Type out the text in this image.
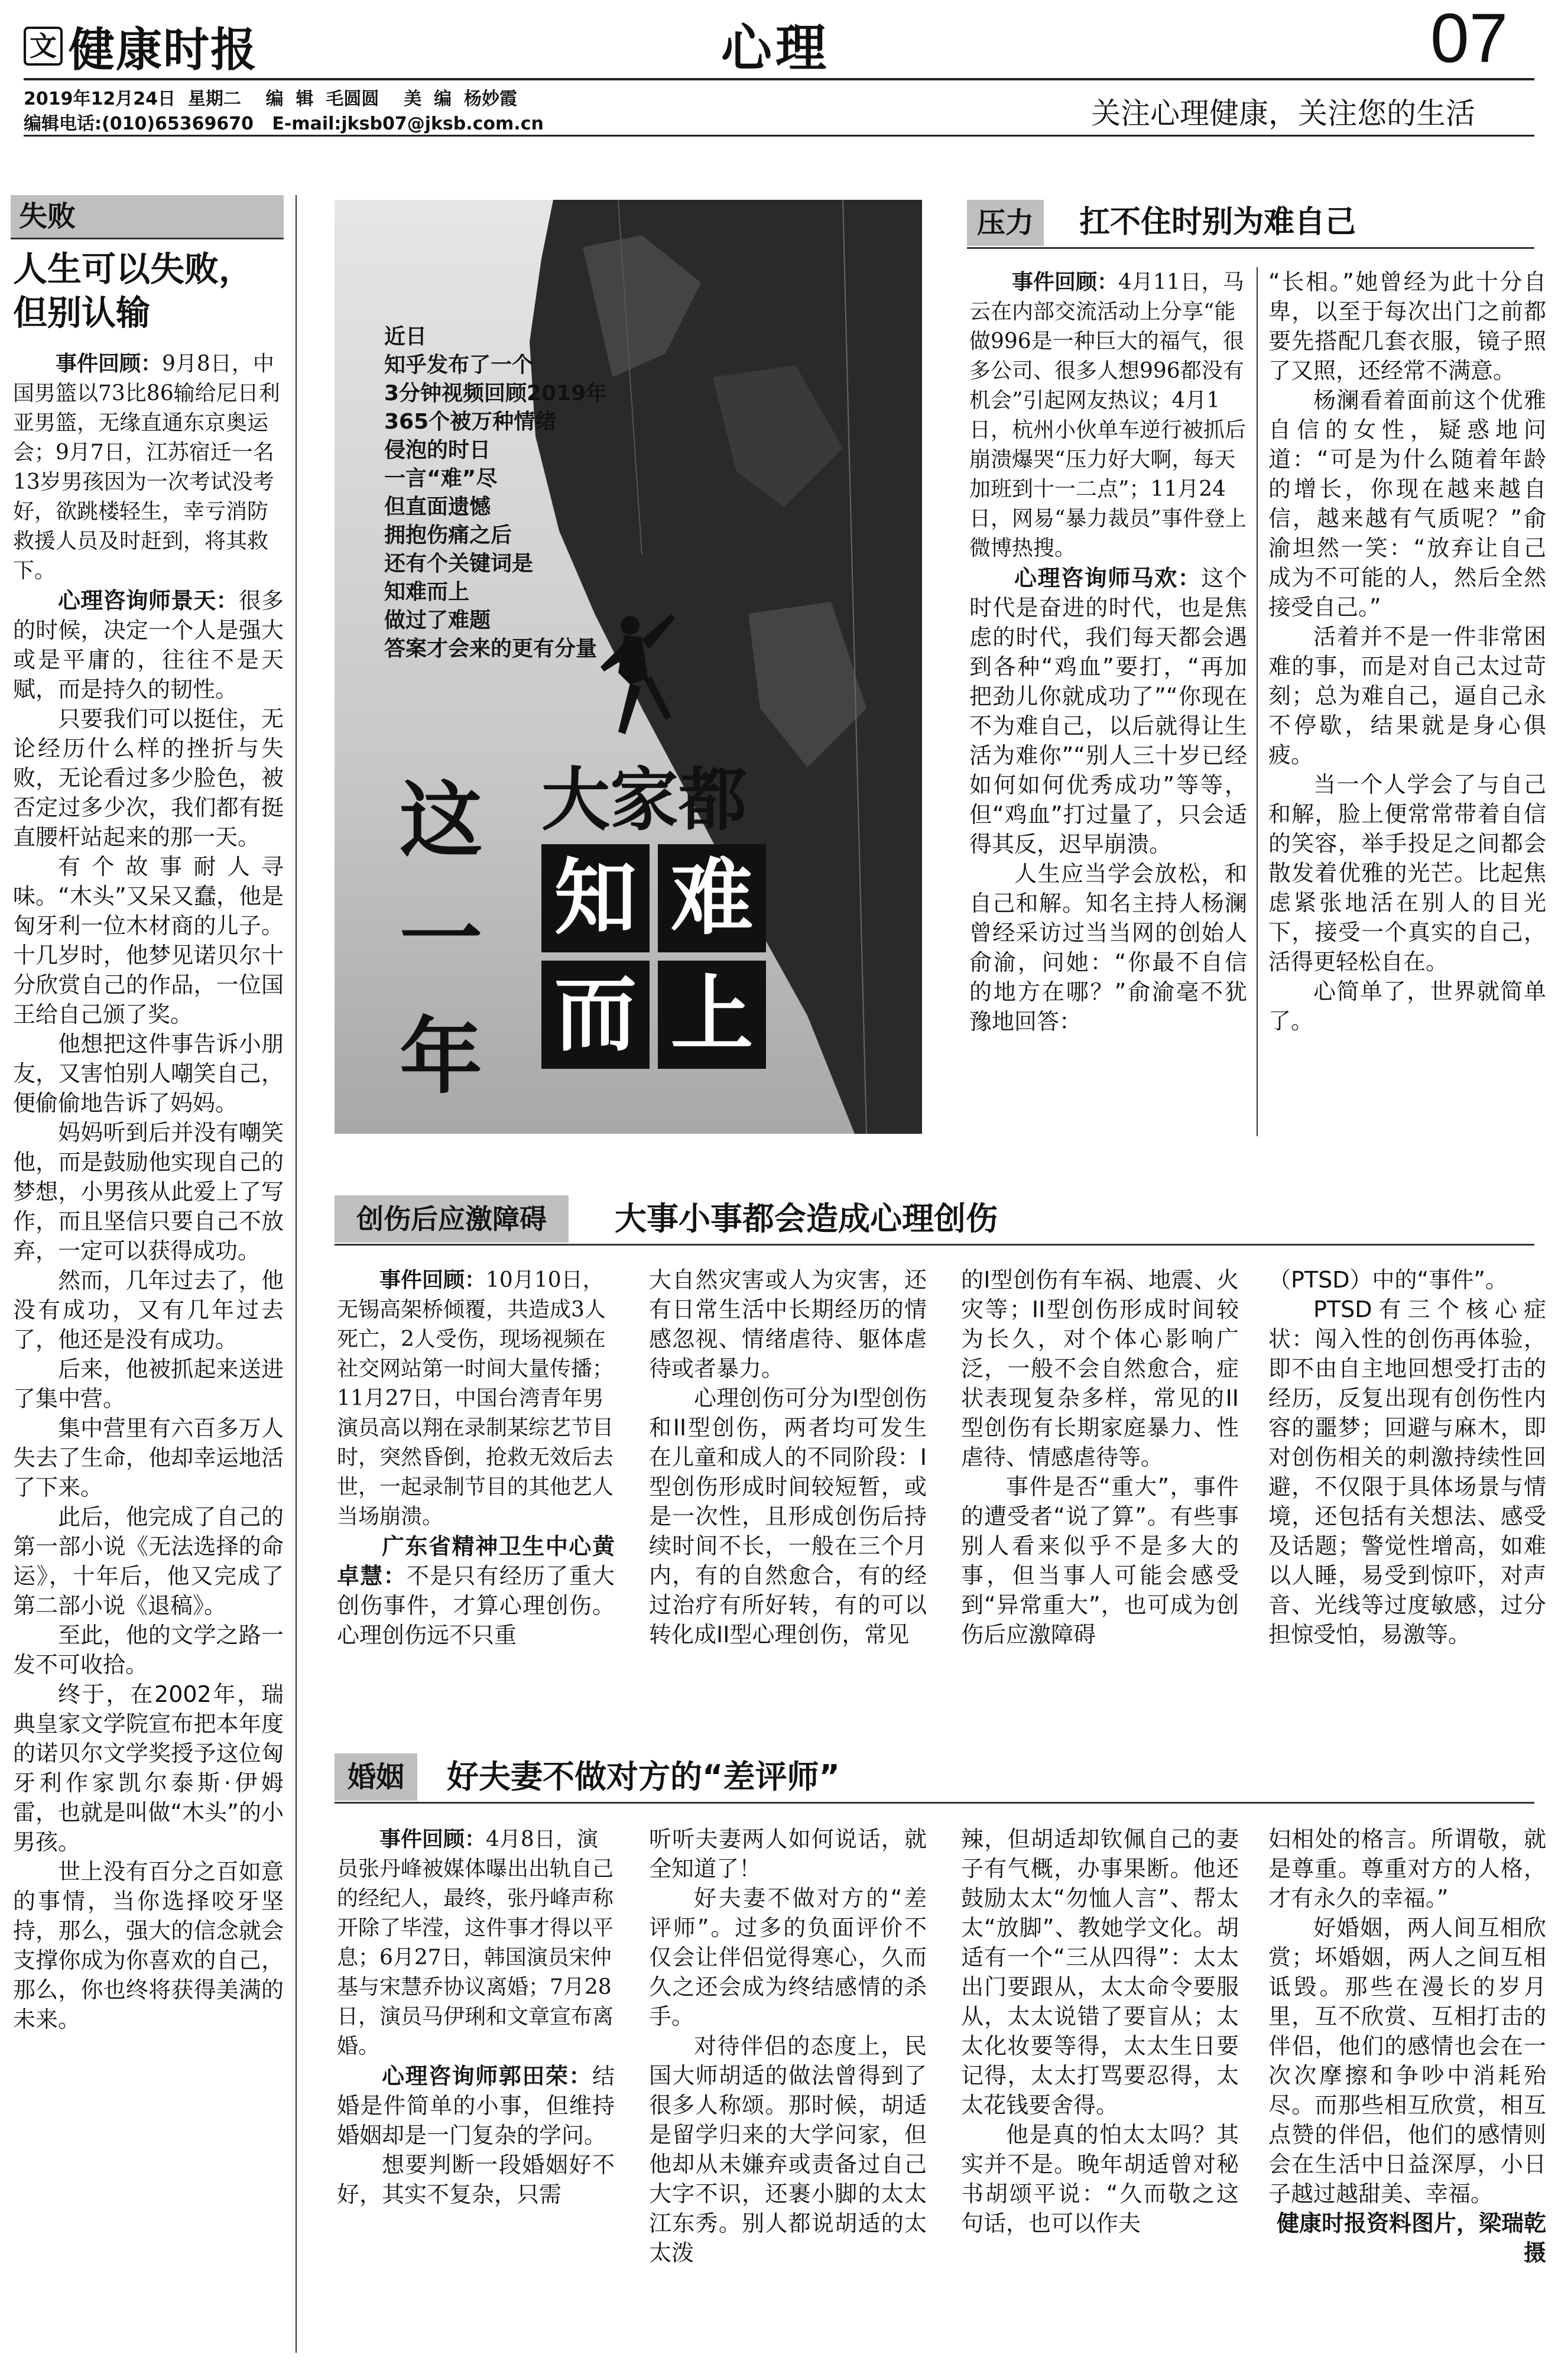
文 健康时报	心理	07
2019年12月24日  星期二    编  辑  毛圆圆    美  编  杨妙霞
编辑电话:(010)65369670   E-mail:jksb07@jksb.com.cn	关注心理健康，关注您的生活
失败
人生可以失败，
但别认输
事件回顾：9月8日，中国男篮以73比86输给尼日利亚男篮，无缘直通东京奥运会；9月7日，江苏宿迁一名13岁男孩因为一次考试没考好，欲跳楼轻生，幸亏消防救援人员及时赶到，将其救下。
心理咨询师景天：很多的时候，决定一个人是强大或是平庸的，往往不是天赋，而是持久的韧性。
只要我们可以挺住，无论经历什么样的挫折与失败，无论看过多少脸色，被否定过多少次，我们都有挺直腰杆站起来的那一天。
有个故事耐人寻味。“木头”又呆又蠢，他是匈牙利一位木材商的儿子。十几岁时，他梦见诺贝尔十分欣赏自己的作品，一位国王给自己颁了奖。
他想把这件事告诉小朋友，又害怕别人嘲笑自己，便偷偷地告诉了妈妈。
妈妈听到后并没有嘲笑他，而是鼓励他实现自己的梦想，小男孩从此爱上了写作，而且坚信只要自己不放弃，一定可以获得成功。
然而，几年过去了，他没有成功，又有几年过去了，他还是没有成功。
后来，他被抓起来送进了集中营。
集中营里有六百多万人失去了生命，他却幸运地活了下来。
此后，他完成了自己的第一部小说《无法选择的命运》，十年后，他又完成了第二部小说《退稿》。
至此，他的文学之路一发不可收拾。
终于，在2002年，瑞典皇家文学院宣布把本年度的诺贝尔文学奖授予这位匈牙利作家凯尔泰斯·伊姆雷，也就是叫做“木头”的小男孩。
世上没有百分之百如意的事情，当你选择咬牙坚持，那么，强大的信念就会支撑你成为你喜欢的自己，那么，你也终将获得美满的未来。
近日
知乎发布了一个
3分钟视频回顾2019年
365个被万种情绪
侵泡的时日
一言“难”尽
但直面遗憾
拥抱伤痛之后
还有个关键词是
知难而上
做过了难题
答案才会来的更有分量
这
一
年
大家都
知 难
而 上
压力	扛不住时别为难自己
事件回顾：4月11日，马云在内部交流活动上分享“能做996是一种巨大的福气，很多公司、很多人想996都没有机会”引起网友热议；4月1日，杭州小伙单车逆行被抓后崩溃爆哭“压力好大啊，每天加班到十一二点”；11月24日，网易“暴力裁员”事件登上微博热搜。
心理咨询师马欢：这个时代是奋进的时代，也是焦虑的时代，我们每天都会遇到各种“鸡血”要打，“再加把劲儿你就成功了”“你现在不为难自己，以后就得让生活为难你”“别人三十岁已经如何如何优秀成功”等等，但“鸡血”打过量了，只会适得其反，迟早崩溃。
人生应当学会放松，和自己和解。知名主持人杨澜曾经采访过当当网的创始人俞渝，问她：“你最不自信的地方在哪？”俞渝毫不犹豫地回答：
“长相。”她曾经为此十分自卑，以至于每次出门之前都要先搭配几套衣服，镜子照了又照，还经常不满意。
杨澜看着面前这个优雅自信的女性，疑惑地问道：“可是为什么随着年龄的增长，你现在越来越自信，越来越有气质呢？”俞渝坦然一笑：“放弃让自己成为不可能的人，然后全然接受自己。”
活着并不是一件非常困难的事，而是对自己太过苛刻；总为难自己，逼自己永不停歇，结果就是身心俱疲。
当一个人学会了与自己和解，脸上便常常带着自信的笑容，举手投足之间都会散发着优雅的光芒。比起焦虑紧张地活在别人的目光下，接受一个真实的自己，活得更轻松自在。
心简单了，世界就简单了。
创伤后应激障碍	大事小事都会造成心理创伤
事件回顾：10月10日，无锡高架桥倾覆，共造成3人死亡，2人受伤，现场视频在社交网站第一时间大量传播；11月27日，中国台湾青年男演员高以翔在录制某综艺节目时，突然昏倒，抢救无效后去世，一起录制节目的其他艺人当场崩溃。
广东省精神卫生中心黄卓慧：不是只有经历了重大创伤事件，才算心理创伤。心理创伤远不只重
大自然灾害或人为灾害，还有日常生活中长期经历的情感忽视、情绪虐待、躯体虐待或者暴力。
心理创伤可分为I型创伤和II型创伤，两者均可发生在儿童和成人的不同阶段：I型创伤形成时间较短暂，或是一次性，且形成创伤后持续时间不长，一般在三个月内，有的自然愈合，有的经过治疗有所好转，有的可以转化成II型心理创伤，常见
的I型创伤有车祸、地震、火灾等；II型创伤形成时间较为长久，对个体心影响广泛，一般不会自然愈合，症状表现复杂多样，常见的II型创伤有长期家庭暴力、性虐待、情感虐待等。
事件是否“重大”，事件的遭受者“说了算”。有些事别人看来似乎不是多大的事，但当事人可能会感受到“异常重大”，也可成为创伤后应激障碍
（PTSD）中的“事件”。
PTSD有三个核心症状：闯入性的创伤再体验，即不由自主地回想受打击的经历，反复出现有创伤性内容的噩梦；回避与麻木，即对创伤相关的刺激持续性回避，不仅限于具体场景与情境，还包括有关想法、感受及话题；警觉性增高，如难以人睡，易受到惊吓，对声音、光线等过度敏感，过分担惊受怕，易激等。
婚姻	好夫妻不做对方的“差评师”
事件回顾：4月8日，演员张丹峰被媒体曝出出轨自己的经纪人，最终，张丹峰声称开除了毕滢，这件事才得以平息；6月27日，韩国演员宋仲基与宋慧乔协议离婚；7月28日，演员马伊琍和文章宣布离婚。
心理咨询师郭田荣：结婚是件简单的小事，但维持婚姻却是一门复杂的学问。
想要判断一段婚姻好不好，其实不复杂，只需
听听夫妻两人如何说话，就全知道了！
好夫妻不做对方的“差评师”。过多的负面评价不仅会让伴侣觉得寒心，久而久之还会成为终结感情的杀手。
对待伴侣的态度上，民国大师胡适的做法曾得到了很多人称颂。那时候，胡适是留学归来的大学问家，但他却从未嫌弃或责备过自己大字不识，还裹小脚的太太江东秀。别人都说胡适的太太泼
辣，但胡适却钦佩自己的妻子有气概，办事果断。他还鼓励太太“勿恤人言”、帮太太“放脚”、教她学文化。胡适有一个“三从四得”：太太出门要跟从，太太命令要服从，太太说错了要盲从；太太化妆要等得，太太生日要记得，太太打骂要忍得，太太花钱要舍得。
他是真的怕太太吗？其实并不是。晚年胡适曾对秘书胡颂平说：“久而敬之这句话，也可以作夫
妇相处的格言。所谓敬，就是尊重。尊重对方的人格，才有永久的幸福。”
好婚姻，两人间互相欣赏；坏婚姻，两人之间互相诋毁。那些在漫长的岁月里，互不欣赏、互相打击的伴侣，他们的感情也会在一次次摩擦和争吵中消耗殆尽。而那些相互欣赏，相互点赞的伴侣，他们的感情则会在生活中日益深厚，小日子越过越甜美、幸福。
健康时报资料图片，梁瑞乾摄
